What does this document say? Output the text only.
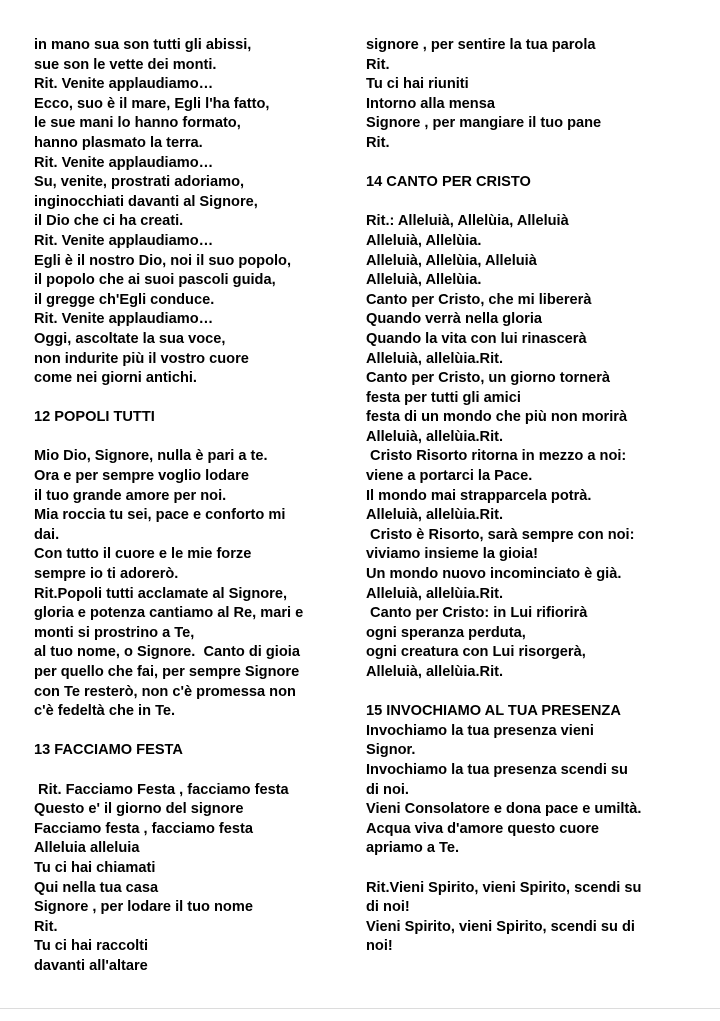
in mano sua son tutti gli abissi,
sue son le vette dei monti.
Rit. Venite applaudiamo…
Ecco, suo è il mare, Egli l'ha fatto,
le sue mani lo hanno formato,
hanno plasmato la terra.
Rit. Venite applaudiamo…
Su, venite, prostrati adoriamo,
inginocchiati davanti al Signore,
il Dio che ci ha creati.
Rit. Venite applaudiamo…
Egli è il nostro Dio, noi il suo popolo,
il popolo che ai suoi pascoli guida,
il gregge ch'Egli conduce.
Rit. Venite applaudiamo…
Oggi, ascoltate la sua voce,
non indurite più il vostro cuore
come nei giorni antichi.
12 POPOLI TUTTI
Mio Dio, Signore, nulla è pari a te.
Ora e per sempre voglio lodare
il tuo grande amore per noi.
Mia roccia tu sei, pace e conforto mi
dai.
Con tutto il cuore e le mie forze
sempre io ti adorerò.
Rit.Popoli tutti acclamate al Signore,
gloria e potenza cantiamo al Re, mari e
monti si prostrino a Te,
al tuo nome, o Signore.  Canto di gioia
per quello che fai, per sempre Signore
con Te resterò, non c'è promessa non
c'è fedeltà che in Te.
13 FACCIAMO FESTA
Rit. Facciamo Festa , facciamo festa
Questo e' il giorno del signore
Facciamo festa , facciamo festa
Alleluia alleluia
Tu ci hai chiamati
Qui nella tua casa
Signore , per lodare il tuo nome
Rit.
Tu ci hai raccolti
davanti all'altare
signore , per sentire la tua parola
Rit.
Tu ci hai riuniti
Intorno alla mensa
Signore , per mangiare il tuo pane
Rit.
14 CANTO PER CRISTO
Rit.: Alleluià, Allelùia, Alleluià
Alleluià, Allelùia.
Alleluià, Allelùia, Alleluià
Alleluià, Allelùia.
Canto per Cristo, che mi libererà
Quando verrà nella gloria
Quando la vita con lui rinascerà
Alleluià, allelùia.Rit.
Canto per Cristo, un giorno tornerà
festa per tutti gli amici
festa di un mondo che più non morirà
Alleluià, allelùia.Rit.
Cristo Risorto ritorna in mezzo a noi:
viene a portarci la Pace.
Il mondo mai strapparcela potrà.
Alleluià, allelùia.Rit.
Cristo è Risorto, sarà sempre con noi:
viviamo insieme la gioia!
Un mondo nuovo incominciato è già.
Alleluià, allelùia.Rit.
Canto per Cristo: in Lui rifiorirà
ogni speranza perduta,
ogni creatura con Lui risorgerà,
Alleluià, allelùia.Rit.
15 INVOCHIAMO AL TUA PRESENZA
Invochiamo la tua presenza vieni
Signor.
Invochiamo la tua presenza scendi su
di noi.
Vieni Consolatore e dona pace e umiltà.
Acqua viva d'amore questo cuore
apriamo a Te.
Rit.Vieni Spirito, vieni Spirito, scendi su
di noi!
Vieni Spirito, vieni Spirito, scendi su di
noi!
